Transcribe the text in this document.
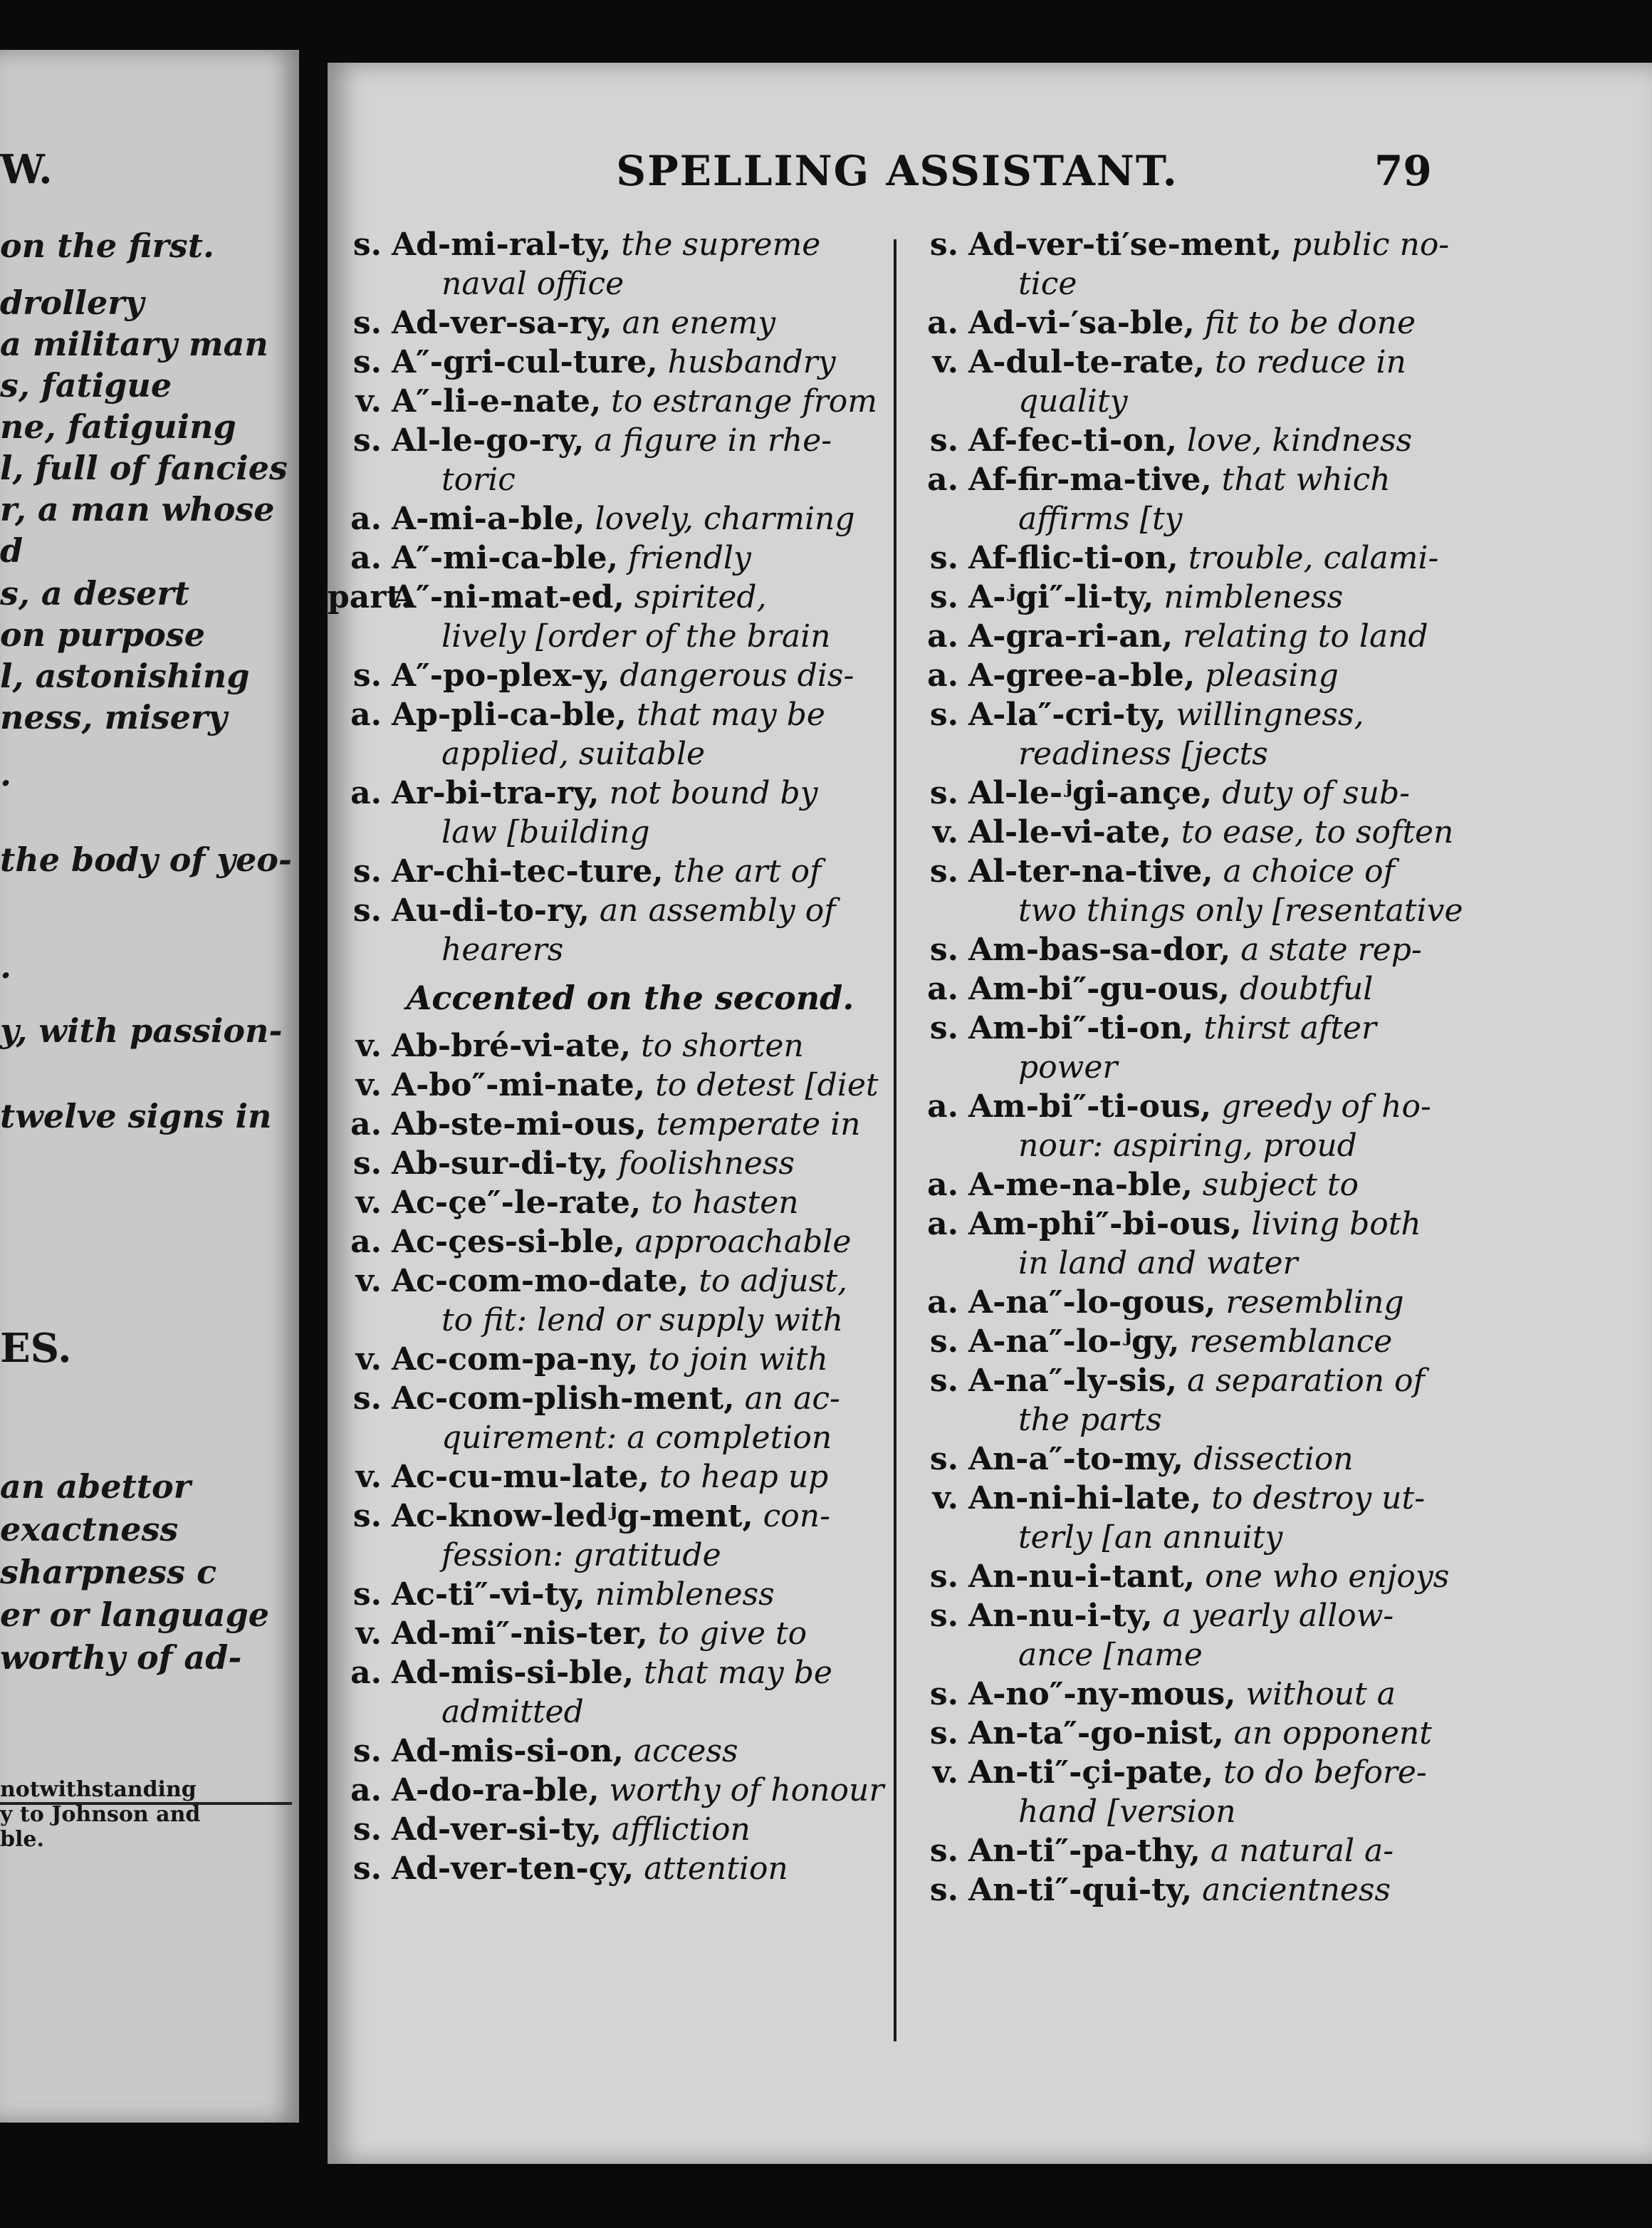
W.
on the first.
drollery
a military man
s, fatigue
ne, fatiguing
l, full of fancies
r, a man whose
d
s, a desert
on purpose
l, astonishing
ness, misery
.
the body of yeo-
.
y, with passion-
twelve signs in
ES.
an abettor
exactness
sharpness c
er or language
worthy of ad-
notwithstanding
y to Johnson and
ble.
SPELLING ASSISTANT.	79
s. Ad-mi-ral-ty, the supreme
naval office
s. Ad-ver-sa-ry, an enemy
s. A″-gri-cul-ture, husbandry
v. A″-li-e-nate, to estrange from
s. Al-le-go-ry, a figure in rhe-
toric
a. A-mi-a-ble, lovely, charming
a. A″-mi-ca-ble, friendly
part.A″-ni-mat-ed, spirited,
lively [order of the brain
s. A″-po-plex-y, dangerous dis-
a. Ap-pli-ca-ble, that may be
applied, suitable
a. Ar-bi-tra-ry, not bound by
law [building
s. Ar-chi-tec-ture, the art of
s. Au-di-to-ry, an assembly of
hearers
Accented on the second.
v. Ab-bré-vi-ate, to shorten
v. A-bo″-mi-nate, to detest [diet
a. Ab-ste-mi-ous, temperate in
s. Ab-sur-di-ty, foolishness
v. Ac-çe″-le-rate, to hasten
a. Ac-çes-si-ble, approachable
v. Ac-com-mo-date, to adjust,
to fit: lend or supply with
v. Ac-com-pa-ny, to join with
s. Ac-com-plish-ment, an ac-
quirement: a completion
v. Ac-cu-mu-late, to heap up
s. Ac-know-ledʲg-ment, con-
fession: gratitude
s. Ac-ti″-vi-ty, nimbleness
v. Ad-mi″-nis-ter, to give to
a. Ad-mis-si-ble, that may be
admitted
s. Ad-mis-si-on, access
a. A-do-ra-ble, worthy of honour
s. Ad-ver-si-ty, affliction
s. Ad-ver-ten-çy, attention
s. Ad-ver-ti′se-ment, public no-
tice
a. Ad-vi-′sa-ble, fit to be done
v. A-dul-te-rate, to reduce in
quality
s. Af-fec-ti-on, love, kindness
a. Af-fir-ma-tive, that which
affirms [ty
s. Af-flic-ti-on, trouble, calami-
s. A-ʲgi″-li-ty, nimbleness
a. A-gra-ri-an, relating to land
a. A-gree-a-ble, pleasing
s. A-la″-cri-ty, willingness,
readiness [jects
s. Al-le-ʲgi-ançe, duty of sub-
v. Al-le-vi-ate, to ease, to soften
s. Al-ter-na-tive, a choice of
two things only [resentative
s. Am-bas-sa-dor, a state rep-
a. Am-bi″-gu-ous, doubtful
s. Am-bi″-ti-on, thirst after
power
a. Am-bi″-ti-ous, greedy of ho-
nour: aspiring, proud
a. A-me-na-ble, subject to
a. Am-phi″-bi-ous, living both
in land and water
a. A-na″-lo-gous, resembling
s. A-na″-lo-ʲgy, resemblance
s. A-na″-ly-sis, a separation of
the parts
s. An-a″-to-my, dissection
v. An-ni-hi-late, to destroy ut-
terly [an annuity
s. An-nu-i-tant, one who enjoys
s. An-nu-i-ty, a yearly allow-
ance [name
s. A-no″-ny-mous, without a
s. An-ta″-go-nist, an opponent
v. An-ti″-çi-pate, to do before-
hand [version
s. An-ti″-pa-thy, a natural a-
s. An-ti″-qui-ty, ancientness
